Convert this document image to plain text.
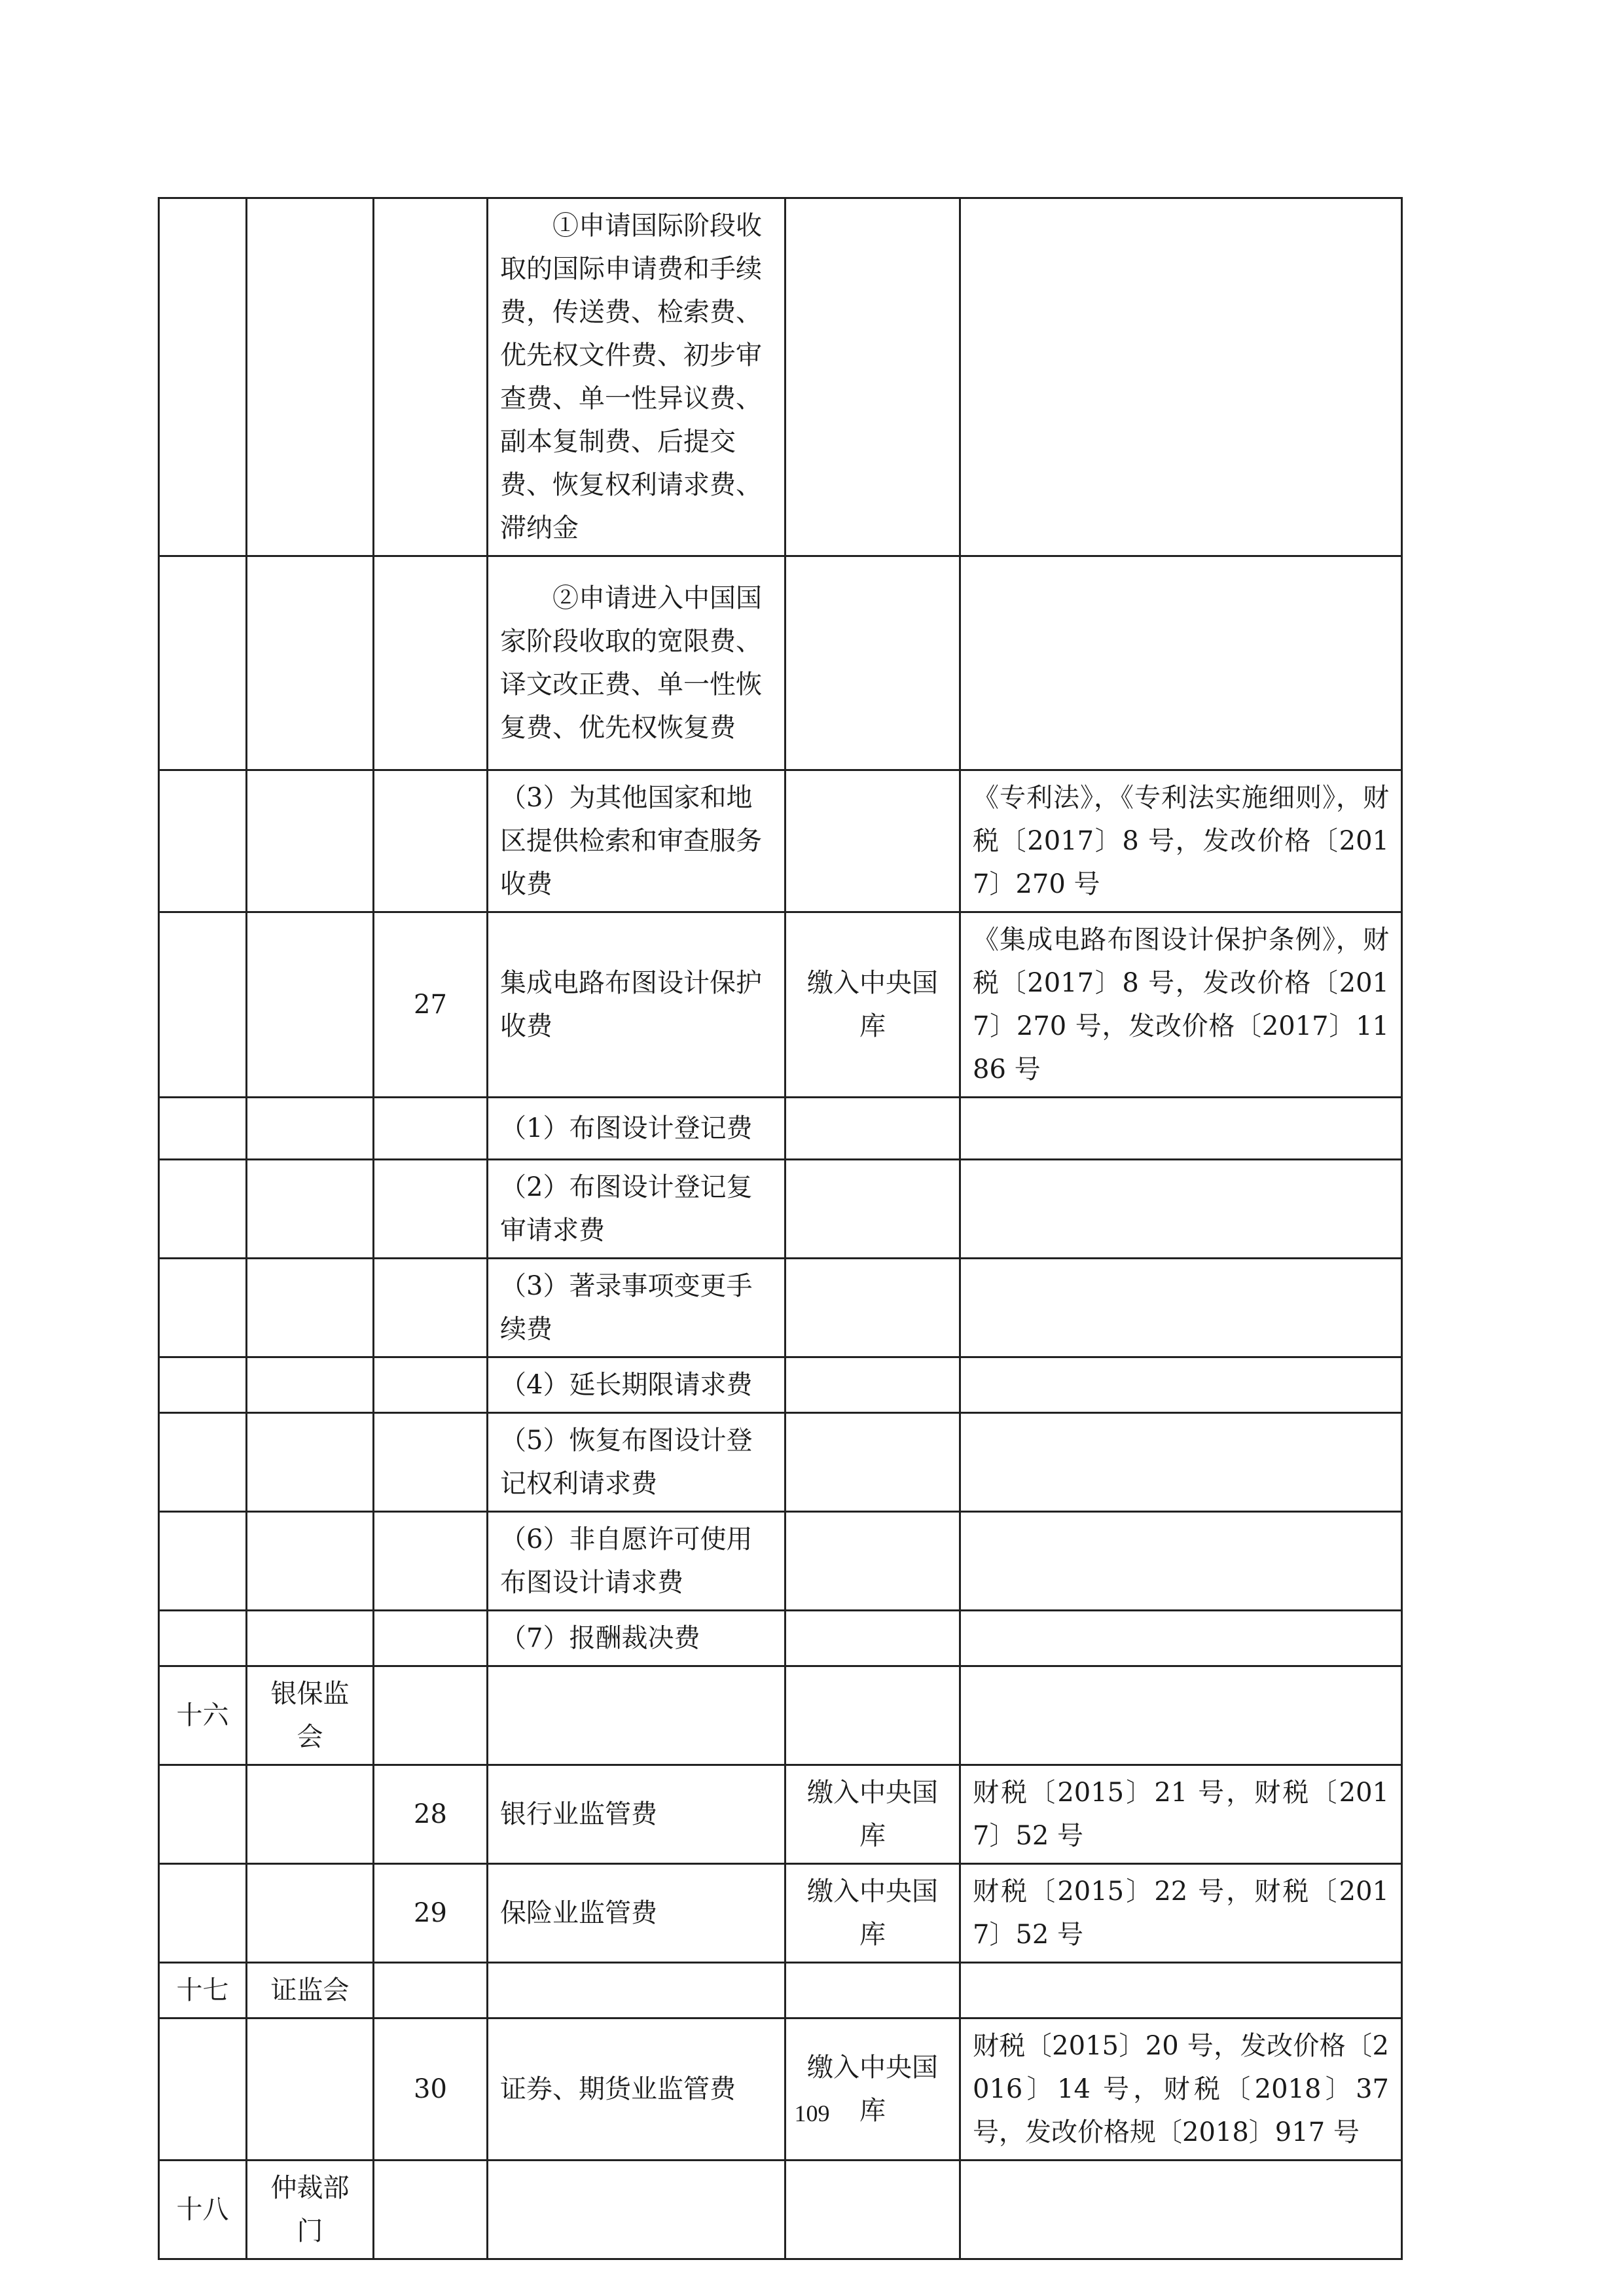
			①申请国际阶段收取的国际申请费和手续费，传送费、检索费、优先权文件费、初步审查费、单一性异议费、副本复制费、后提交费、恢复权利请求费、滞纳金		
			②申请进入中国国家阶段收取的宽限费、译文改正费、单一性恢复费、优先权恢复费		
			（3）为其他国家和地区提供检索和审查服务收费		《专利法》，《专利法实施细则》，财税〔2017〕8 号，发改价格〔2017〕270 号
		27	集成电路布图设计保护收费	缴入中央国库	《集成电路布图设计保护条例》，财税〔2017〕8 号，发改价格〔2017〕270 号，发改价格〔2017〕1186 号
			（1）布图设计登记费		
			（2）布图设计登记复审请求费		
			（3）著录事项变更手续费		
			（4）延长期限请求费		
			（5）恢复布图设计登记权利请求费		
			（6）非自愿许可使用布图设计请求费		
			（7）报酬裁决费		
十六	银保监会				
		28	银行业监管费	缴入中央国库	财税〔2015〕21 号，财税〔2017〕52 号
		29	保险业监管费	缴入中央国库	财税〔2015〕22 号，财税〔2017〕52 号
十七	证监会				
		30	证券、期货业监管费	缴入中央国库	财税〔2015〕20 号，发改价格〔2016〕14 号，财税〔2018〕37 号，发改价格规〔2018〕917 号
十八	仲裁部门				
109
